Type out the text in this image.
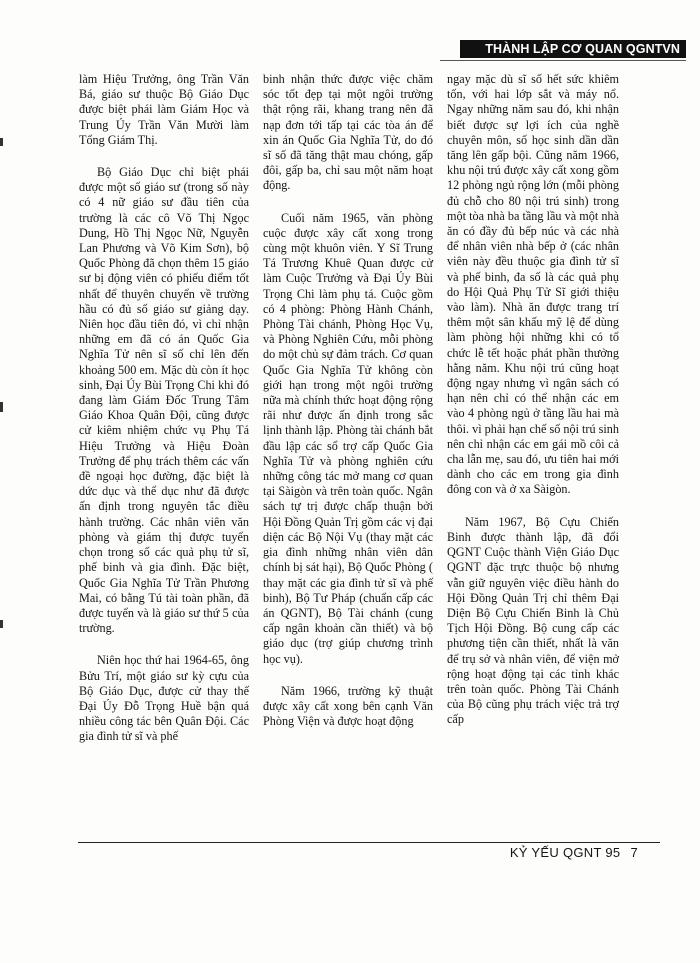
THÀNH LẬP CƠ QUAN QGNTVN

làm Hiệu Trưởng, ông Trần Văn Bá, giáo sư thuộc Bộ Giáo Dục được biệt phái làm Giám Học và Trung Úy Trần Văn Mười làm Tổng Giám Thị.

Bộ Giáo Dục chỉ biệt phái được một số giáo sư (trong số này có 4 nữ giáo sư đầu tiên của trường là các cô Võ Thị Ngọc Dung, Hồ Thị Ngọc Nữ, Nguyễn Lan Phương và Võ Kim Sơn), bộ Quốc Phòng đã chọn thêm 15 giáo sư bị động viên có phiếu điểm tốt nhất để thuyên chuyển về trường hầu có đủ số giáo sư giảng dạy. Niên học đầu tiên đó, vì chỉ nhận những em đã có án Quốc Gia Nghĩa Tử nên sĩ số chỉ lên đến khoảng 500 em. Mặc dù còn ít học sinh, Đại Úy Bùi Trọng Chi khi đó đang làm Giám Đốc Trung Tâm Giáo Khoa Quân Đội, cũng được cử kiêm nhiệm chức vụ Phụ Tá Hiệu Trưởng và Hiệu Đoàn Trưởng để phụ trách thêm các vấn đề ngoại học đường, đặc biệt là dức dục và thể dục như đã được ấn định trong nguyên tắc điều hành trường. Các nhân viên văn phòng và giám thị được tuyển chọn trong số các quả phụ tử sĩ, phế binh và gia đình. Đặc biệt, Quốc Gia Nghĩa Tử Trần Phương Mai, có bằng Tú tài toàn phần, đã được tuyển và là giáo sư thứ 5 của trường.

Niên học thứ hai 1964-65, ông Bửu Trí, một giáo sư kỳ cựu của Bộ Giáo Dục, được cử thay thế Đại Úy Đỗ Trọng Huề bận quá nhiều công tác bên Quân Đội. Các gia đình tử sĩ và phế

binh nhận thức được việc chăm sóc tốt đẹp tại một ngôi trường thật rộng rãi, khang trang nên đã nạp đơn tới tấp tại các tòa án để xin án Quốc Gia Nghĩa Tử, do đó sĩ số đã tăng thật mau chóng, gấp đôi, gấp ba, chỉ sau một năm hoạt động.

Cuối năm 1965, văn phòng cuộc được xây cất xong trong cùng một khuôn viên. Y Sĩ Trung Tá Trương Khuê Quan được cử làm Cuộc Trưởng và Đại Úy Bùi Trọng Chi làm phụ tá. Cuộc gồm có 4 phòng: Phòng Hành Chánh, Phòng Tài chánh, Phòng Học Vụ, và Phòng Nghiên Cứu, mỗi phòng do một chủ sự đảm trách. Cơ quan Quốc Gia Nghĩa Tử không còn giới hạn trong một ngôi trường nữa mà chính thức hoạt động rộng rãi như được ấn định trong sắc lịnh thành lập. Phòng tài chánh bắt đầu lập các sổ trợ cấp Quốc Gia Nghĩa Tử và phòng nghiên cứu những công tác mở mang cơ quan tại Sàigòn và trên toàn quốc. Ngân sách tự trị được chấp thuận bởi Hội Đồng Quản Trị gồm các vị đại diện các Bộ Nội Vụ (thay mặt các gia đình những nhân viên dân chính bị sát hại), Bộ Quốc Phòng ( thay mặt các gia đình tử sĩ và phế binh), Bộ Tư Pháp (chuẩn cấp các án QGNT), Bộ Tài chánh (cung cấp ngân khoản cần thiết) và bộ giáo dục (trợ giúp chương trình học vụ).

Năm 1966, trường kỹ thuật được xây cất xong bên cạnh Văn Phòng Viện và được hoạt động

ngay mặc dù sĩ số hết sức khiêm tốn, với hai lớp sắt và máy nổ. Ngay những năm sau đó, khi nhận biết được sự lợi ích của nghề chuyên môn, số học sinh dần dần tăng lên gấp bội. Cũng năm 1966, khu nội trú được xây cất xong gồm 12 phòng ngủ rộng lớn (mỗi phòng đủ chỗ cho 80 nội trú sinh) trong một tòa nhà ba tầng lầu và một nhà ăn có đầy đủ bếp núc và các nhà để nhân viên nhà bếp ở (các nhân viên này đều thuộc gia đình tử sĩ và phế binh, đa số là các quả phụ do Hội Quả Phụ Tử Sĩ giới thiệu vào làm). Nhà ăn được trang trí thêm một sân khấu mỹ lệ để dùng làm phòng hội những khi có tổ chức lễ tết hoặc phát phần thưởng hằng năm. Khu nội trú cũng hoạt động ngay nhưng vì ngân sách có hạn nên chỉ có thể nhận các em vào 4 phòng ngủ ở tầng lầu hai mà thôi. vì phải hạn chế số nội trú sinh nên chỉ nhận các em gái mồ côi cả cha lẫn mẹ, sau đó, ưu tiên hai mới dành cho các em trong gia đình đông con và ở xa Sàigòn.

Năm 1967, Bộ Cựu Chiến Binh được thành lập, đã đổi QGNT Cuộc thành Viện Giáo Dục QGNT đặc trực thuộc bộ nhưng vẫn giữ nguyên việc điều hành do Hội Đồng Quản Trị chỉ thêm Đại Diện Bộ Cựu Chiến Binh là Chủ Tịch Hội Đồng. Bộ cung cấp các phương tiện cần thiết, nhất là văn để trụ sở và nhân viên, để viện mở rộng hoạt động tại các tỉnh khác trên toàn quốc. Phòng Tài Chánh của Bộ cũng phụ trách việc trả trợ cấp

KỶ YẾU QGNT 95 7
